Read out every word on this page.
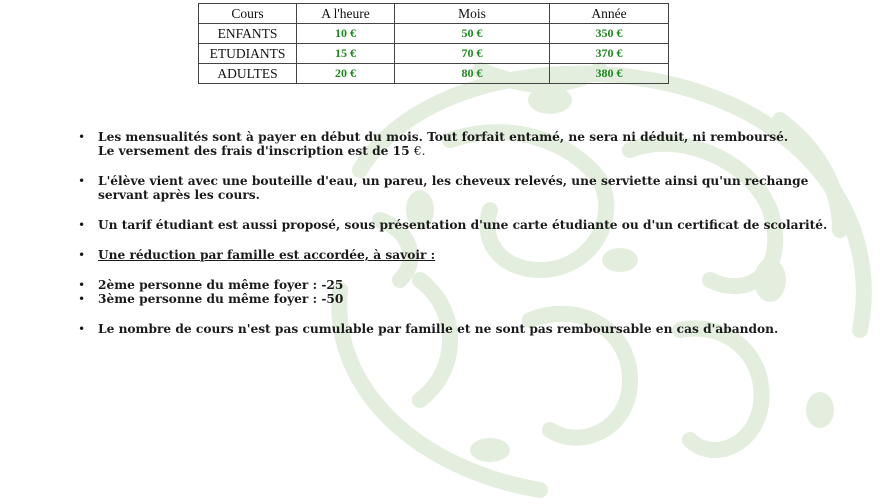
Cours	A l'heure	Mois	Année
ENFANTS	10 €	50 €	350 €
ETUDIANTS	15 €	70 €	370 €
ADULTES	20 €	80 €	380 €
• Les mensualités sont à payer en début du mois. Tout forfait entamé, ne sera ni déduit, ni remboursé.
Le versement des frais d'inscription est de 15 €.
• L'élève vient avec une bouteille d'eau, un pareu, les cheveux relevés, une serviette ainsi qu'un rechange servant après les cours.
• Un tarif étudiant est aussi proposé, sous présentation d'une carte étudiante ou d'un certificat de scolarité.
• Une réduction par famille est accordée, à savoir :
• 2ème personne du même foyer : -25
• 3ème personne du même foyer : -50
• Le nombre de cours n'est pas cumulable par famille et ne sont pas remboursable en cas d'abandon.
